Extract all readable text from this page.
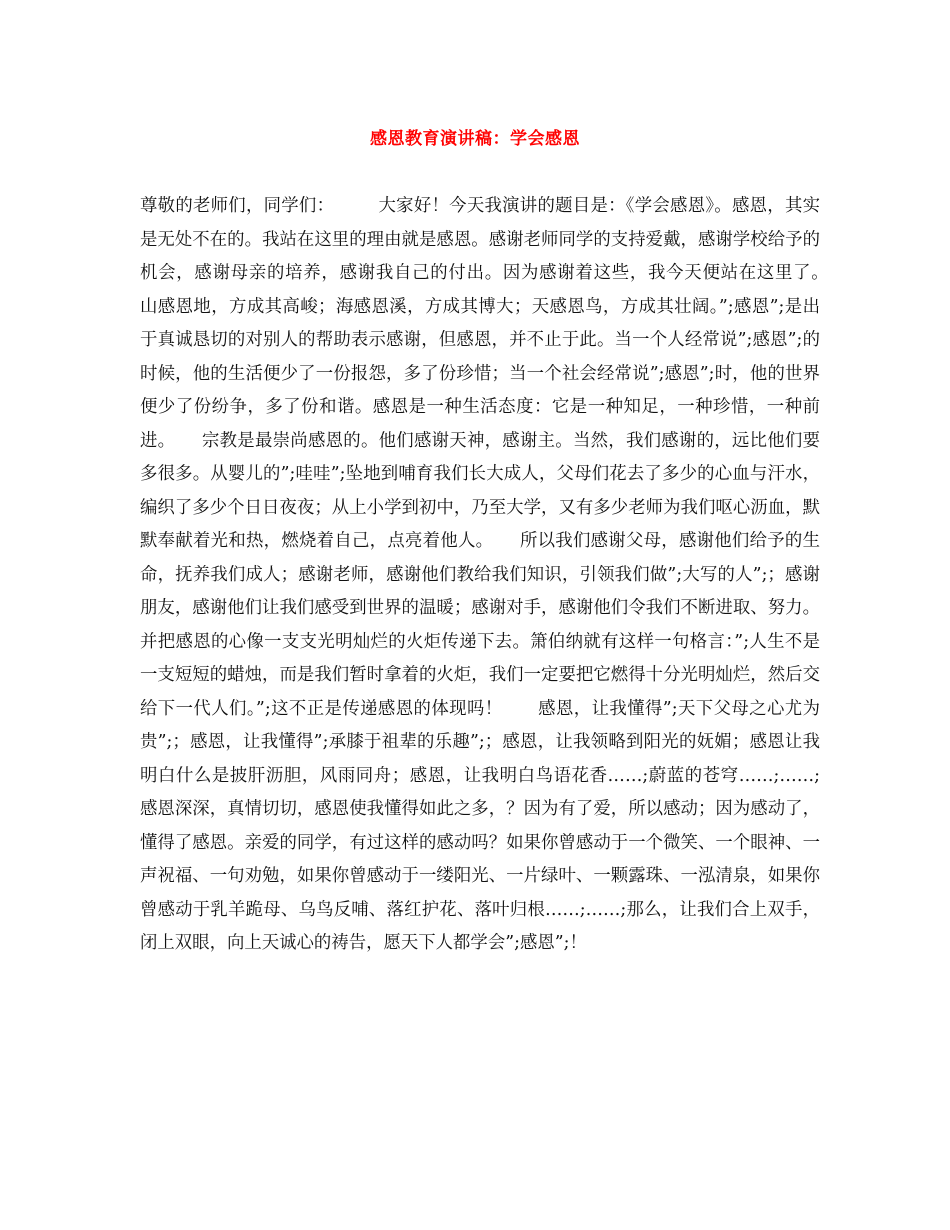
感恩教育演讲稿：学会感恩
尊敬的老师们，同学们：　　　大家好！今天我演讲的题目是：《学会感恩》。感恩，其实是无处不在的。我站在这里的理由就是感恩。感谢老师同学的支持爱戴，感谢学校给予的机会，感谢母亲的培养，感谢我自己的付出。因为感谢着这些，我今天便站在这里了。　　山感恩地，方成其高峻；海感恩溪，方成其博大；天感恩鸟，方成其壮阔。”;感恩”;是出于真诚恳切的对别人的帮助表示感谢，但感恩，并不止于此。当一个人经常说”;感恩”;的时候，他的生活便少了一份报怨，多了份珍惜；当一个社会经常说”;感恩”;时，他的世界便少了份纷争，多了份和谐。感恩是一种生活态度：它是一种知足，一种珍惜，一种前进。　　宗教是最崇尚感恩的。他们感谢天神，感谢主。当然，我们感谢的，远比他们要多很多。从婴儿的”;哇哇”;坠地到哺育我们长大成人，父母们花去了多少的心血与汗水，编织了多少个日日夜夜；从上小学到初中，乃至大学，又有多少老师为我们呕心沥血，默默奉献着光和热，燃烧着自己，点亮着他人。　　所以我们感谢父母，感谢他们给予的生命，抚养我们成人；感谢老师，感谢他们教给我们知识，引领我们做”;大写的人”;；感谢朋友，感谢他们让我们感受到世界的温暖；感谢对手，感谢他们令我们不断进取、努力。并把感恩的心像一支支光明灿烂的火炬传递下去。箫伯纳就有这样一句格言：”;人生不是一支短短的蜡烛，而是我们暂时拿着的火炬，我们一定要把它燃得十分光明灿烂，然后交给下一代人们。”;这不正是传递感恩的体现吗！　　感恩，让我懂得”;天下父母之心尤为贵”;；感恩，让我懂得”;承膝于祖辈的乐趣”;；感恩，让我领略到阳光的妩媚；感恩让我明白什么是披肝沥胆，风雨同舟；感恩，让我明白鸟语花香……;蔚蓝的苍穹……;……;　　感恩深深，真情切切，感恩使我懂得如此之多，？因为有了爱，所以感动；因为感动了，懂得了感恩。亲爱的同学，有过这样的感动吗？如果你曾感动于一个微笑、一个眼神、一声祝福、一句劝勉，如果你曾感动于一缕阳光、一片绿叶、一颗露珠、一泓清泉，如果你曾感动于乳羊跪母、乌鸟反哺、落红护花、落叶归根……;……;那么，让我们合上双手，闭上双眼，向上天诚心的祷告，愿天下人都学会”;感恩”;！
